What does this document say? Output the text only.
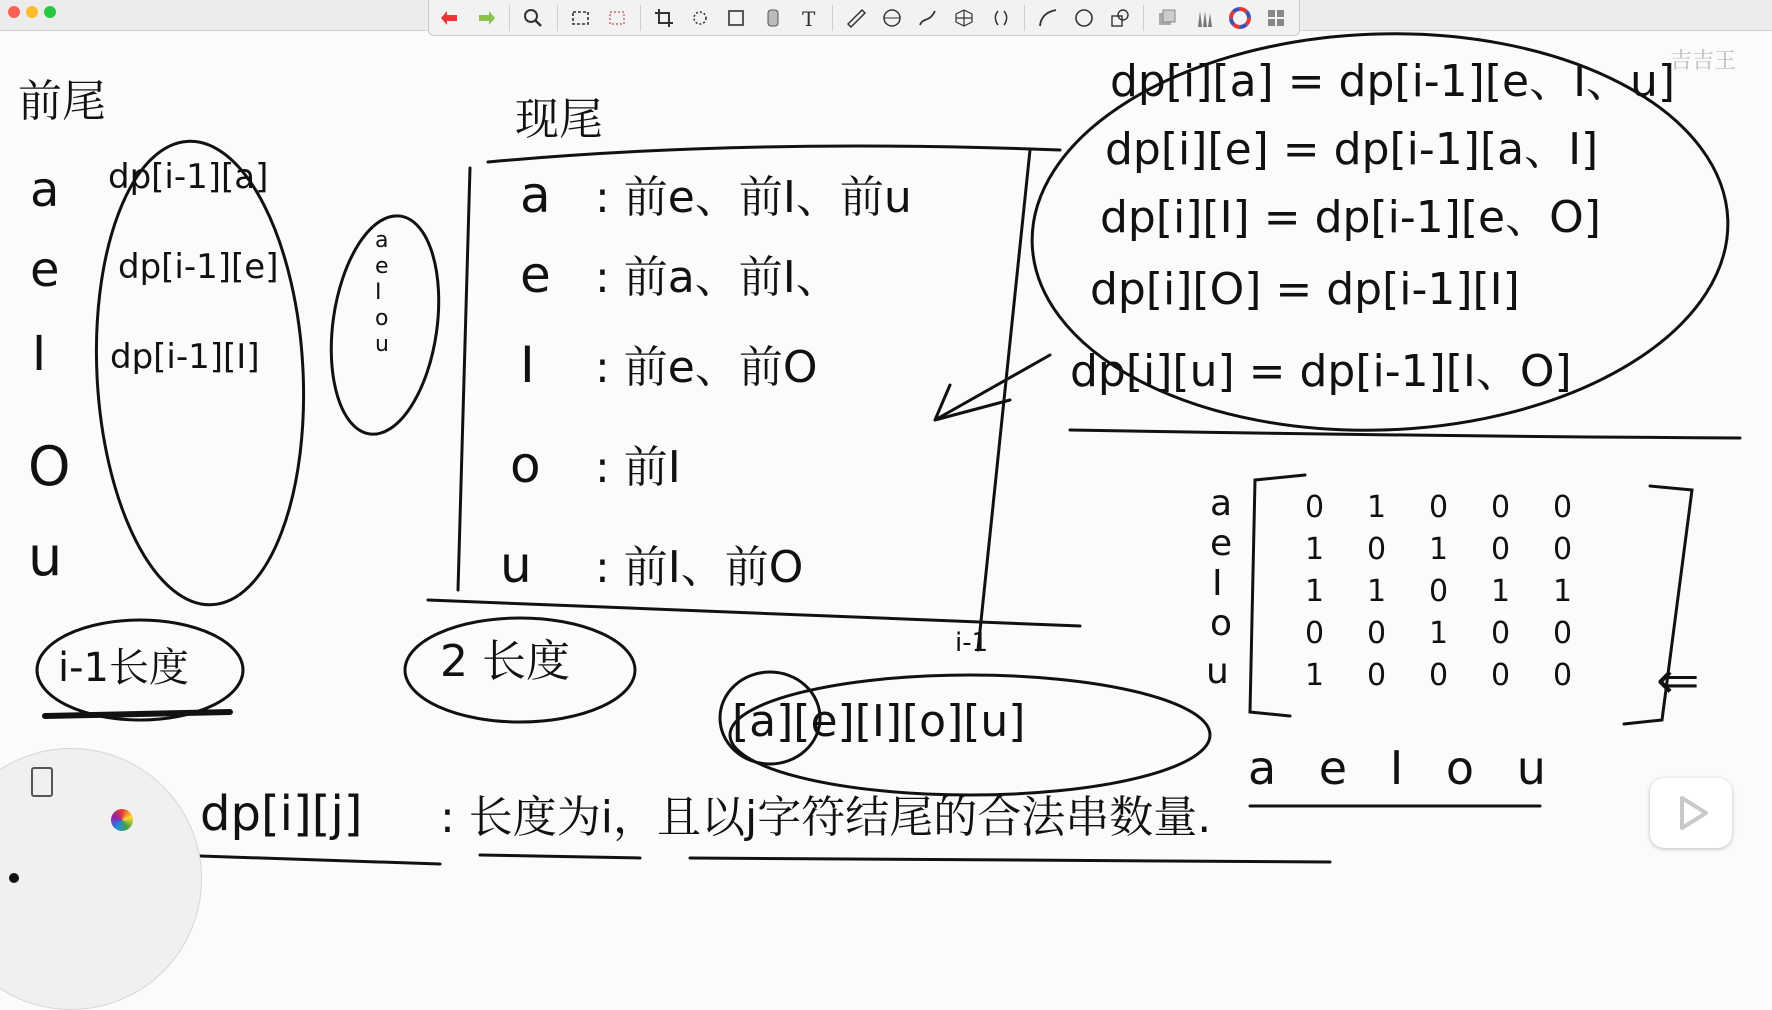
T
吉吉王
前尾
a
e
I
O
u
dp[i-1][a]
dp[i-1][e]
dp[i-1][I]
a
e
I
o
u
i-1长度
现尾
a : 前e、前I、前u
e : 前a、前I、
I : 前e、前O
o : 前I
u : 前I、前O
2 长度
dp[i][a] = dp[i-1][e、I、u]
dp[i][e] = dp[i-1][a、I]
dp[i][I] = dp[i-1][e、O]
dp[i][O] = dp[i-1][I]
dp[i][u] = dp[i-1][I、O]
a
e
I
o
u
0	1	0	0	0
1	0	1	0	0
1	1	0	1	1
0	0	1	0	0
1	0	0	0	0
a e I o u
⇐
i-1
[a][e][I][o][u]
dp[i][j] : 长度为i，且以j字符结尾的合法串数量.
